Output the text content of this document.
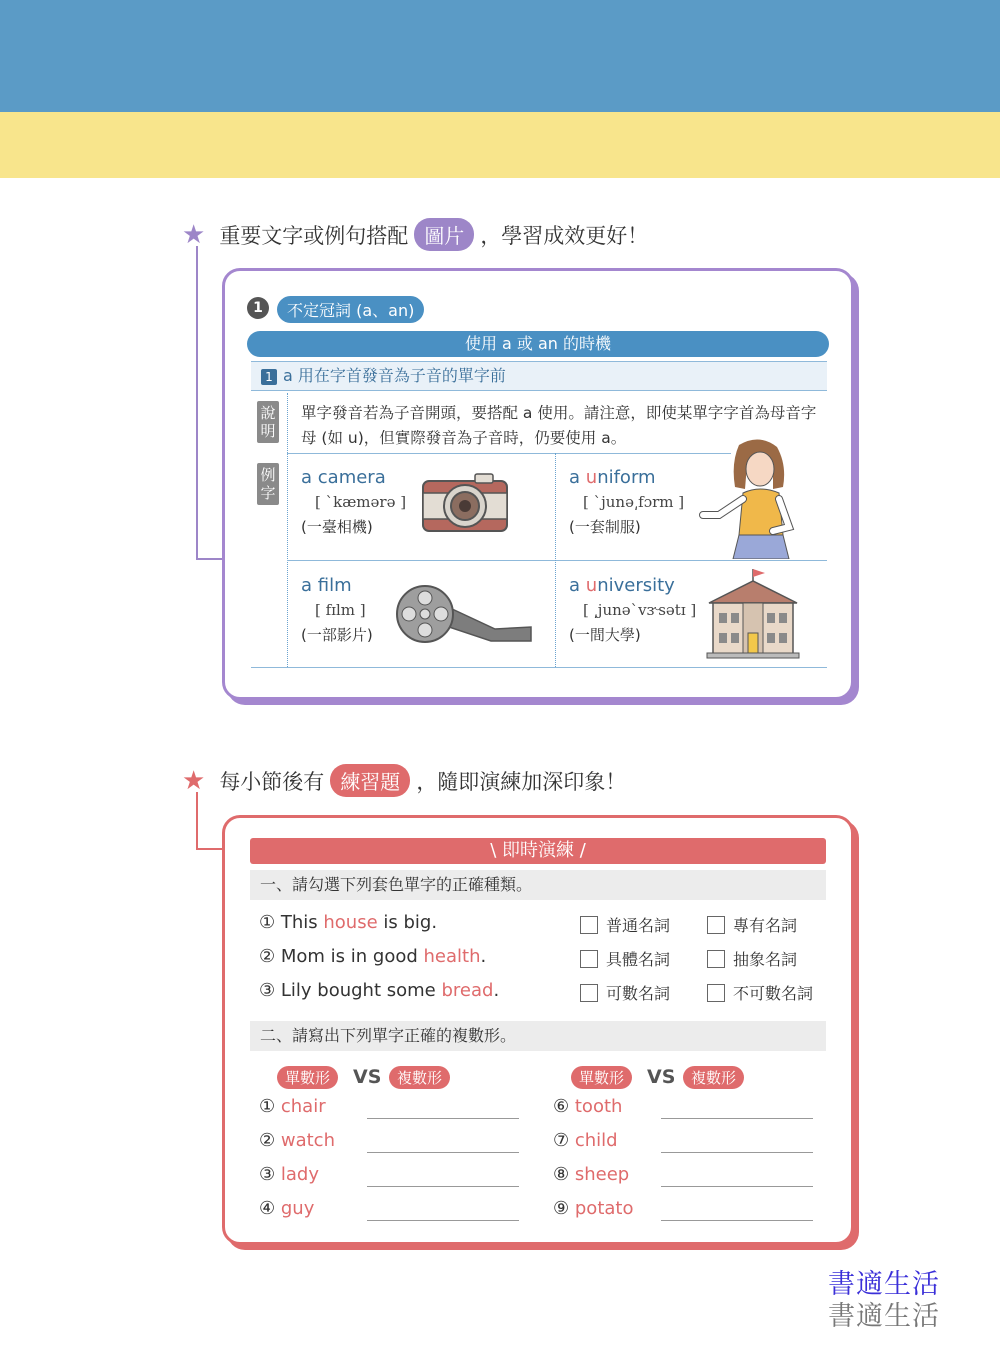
★ 重要文字或例句搭配 圖片 ，學習成效更好！
1	不定冠詞 (a、an)
使用 a 或 an 的時機
1 a 用在字首發音為子音的單字前
說
明
例
字
單字發音若為子音開頭，要搭配 a 使用。請注意，即使某單字字首為母音字母 (如 u)，但實際發音為子音時，仍要使用 a。
a camera
[ ˋkæmərə ]
(一臺相機)
a uniform
[ ˋjunə͵fɔrm ]
(一套制服)
a film
[ fɪlm ]
(一部影片)
a university
[ ͵junəˋvɝsətɪ ]
(一間大學)
★ 每小節後有 練習題 ，隨即演練加深印象！
\ 即時演練 /
一、請勾選下列套色單字的正確種類。
① This house is big.
② Mom is in good health.
③ Lily bought some bread.
普通名詞	專有名詞
具體名詞	抽象名詞
可數名詞	不可數名詞
二、請寫出下列單字正確的複數形。
單數形	VS	複數形	單數形	VS	複數形
① chair
② watch
③ lady
④ guy
⑥ tooth
⑦ child
⑧ sheep
⑨ potato
書適生活
書適生活
